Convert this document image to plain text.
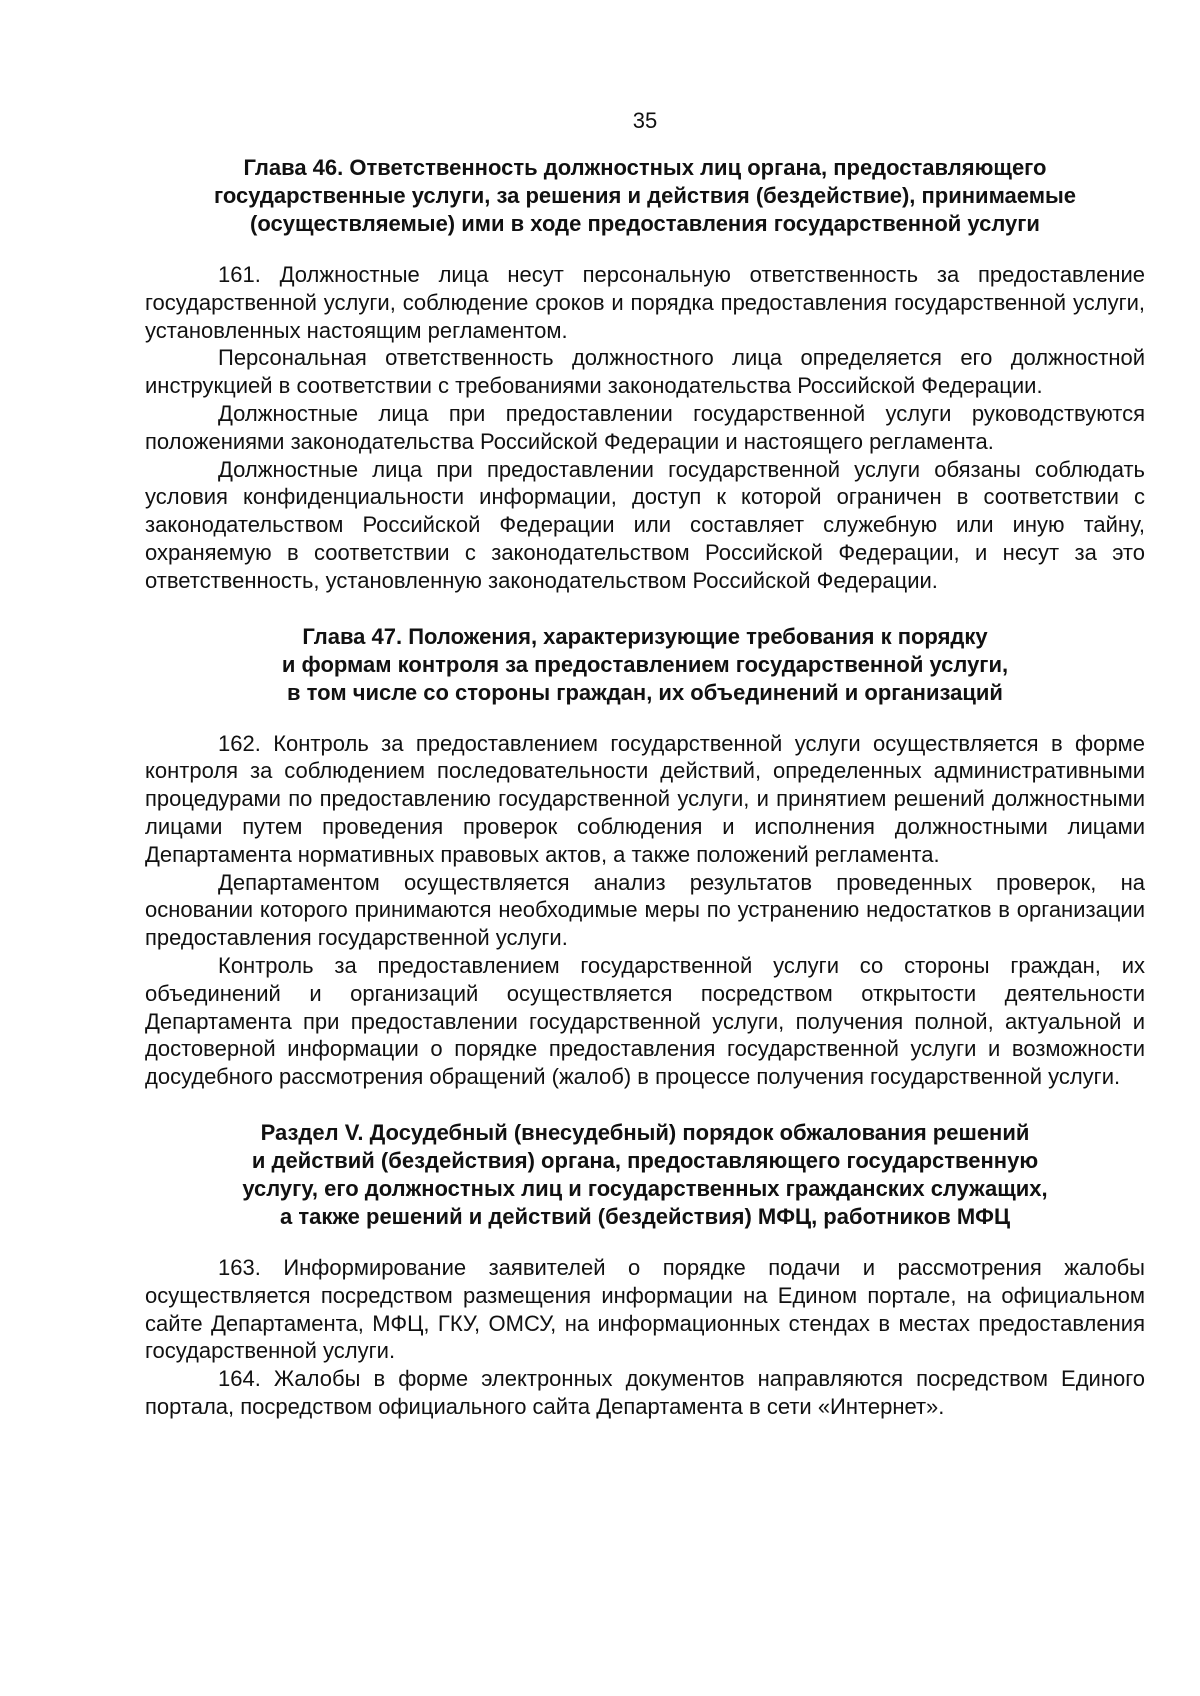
35
Глава 46. Ответственность должностных лиц органа, предоставляющего
государственные услуги, за решения и действия (бездействие), принимаемые
(осуществляемые) ими в ходе предоставления государственной услуги

161. Должностные лица несут персональную ответственность за предоставление государственной услуги, соблюдение сроков и порядка предоставления государственной услуги, установленных настоящим регламентом.

Персональная ответственность должностного лица определяется его должностной инструкцией в соответствии с требованиями законодательства Российской Федерации.

Должностные лица при предоставлении государственной услуги руководствуются положениями законодательства Российской Федерации и настоящего регламента.

Должностные лица при предоставлении государственной услуги обязаны соблюдать условия конфиденциальности информации, доступ к которой ограничен в соответствии с законодательством Российской Федерации или составляет служебную или иную тайну, охраняемую в соответствии с законодательством Российской Федерации, и несут за это ответственность, установленную законодательством Российской Федерации.

Глава 47. Положения, характеризующие требования к порядку
и формам контроля за предоставлением государственной услуги,
в том числе со стороны граждан, их объединений и организаций

162. Контроль за предоставлением государственной услуги осуществляется в форме контроля за соблюдением последовательности действий, определенных административными процедурами по предоставлению государственной услуги, и принятием решений должностными лицами путем проведения проверок соблюдения и исполнения должностными лицами Департамента нормативных правовых актов, а также положений регламента.

Департаментом осуществляется анализ результатов проведенных проверок, на основании которого принимаются необходимые меры по устранению недостатков в организации предоставления государственной услуги.

Контроль за предоставлением государственной услуги со стороны граждан, их объединений и организаций осуществляется посредством открытости деятельности Департамента при предоставлении государственной услуги, получения полной, актуальной и достоверной информации о порядке предоставления государственной услуги и возможности досудебного рассмотрения обращений (жалоб) в процессе получения государственной услуги.

Раздел V. Досудебный (внесудебный) порядок обжалования решений
и действий (бездействия) органа, предоставляющего государственную
услугу, его должностных лиц и государственных гражданских служащих,
а также решений и действий (бездействия) МФЦ, работников МФЦ

163. Информирование заявителей о порядке подачи и рассмотрения жалобы осуществляется посредством размещения информации на Едином портале, на официальном сайте Департамента, МФЦ, ГКУ, ОМСУ, на информационных стендах в местах предоставления государственной услуги.

164. Жалобы в форме электронных документов направляются посредством Единого портала, посредством официального сайта Департамента в сети «Интернет».
